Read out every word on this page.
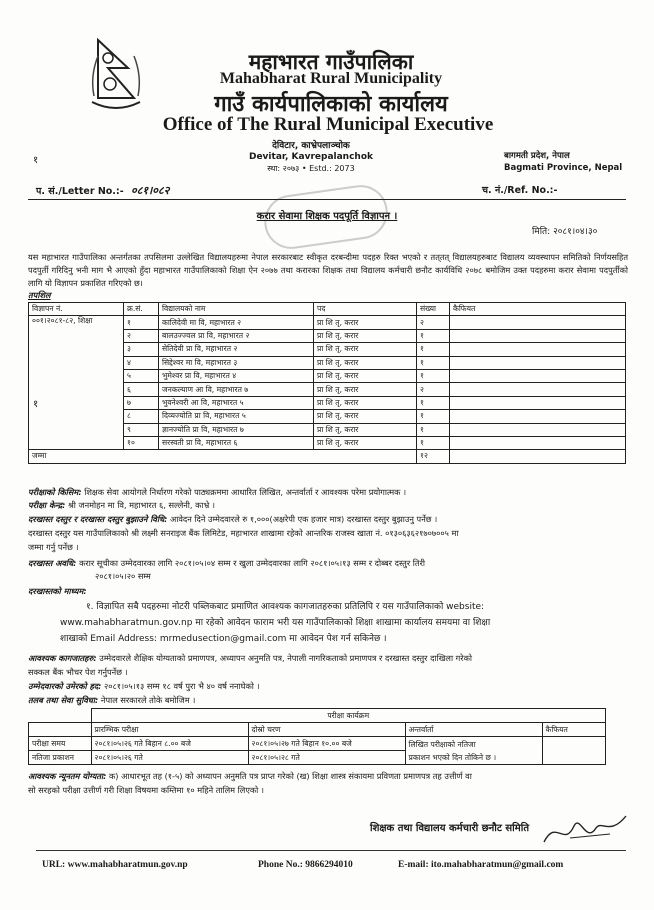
महाभारत गाउँपालिका
Mahabharat Rural Municipality
गाउँ कार्यपालिकाको कार्यालय
Office of The Rural Municipal Executive
देविटार, काभ्रेपलाञ्चोक
Devitar, Kavrepalanchok
स्था: २०७३ • Estd.: 2073
बागमती प्रदेश, नेपाल
Bagmati Province, Nepal
१
प. सं./Letter No.:- ०८१।०८२	च. नं./Ref. No.:-
करार सेवामा शिक्षक पदपूर्ति विज्ञापन ।
मिति: २०८१।०४।३०
यस महाभारत गाउँपालिका अन्तर्गतका तपसिलमा उल्लेखित विद्यालयहरुमा नेपाल सरकारबाट स्वीकृत दरबन्दीमा पदहरु रिक्त भएको र तत्‌तत् विद्यालयहरुबाट विद्यालय व्यवस्थापन समितिको निर्णयसहित पदपुर्ती गरिदिनु भनी माग भै आएको हुँदा महाभारत गाउँपालिकाको शिक्षा ऐन २०७७ तथा करारका शिक्षक तथा विद्यालय कर्मचारी छनौट कार्यविधि २०७८ बमोजिम उक्त पदहरुमा करार सेवामा पदपुर्तीको लागि यो विज्ञापन प्रकाशित गरिएको छ।
तपशिल
विज्ञापन नं.	क्र.सं.	विद्यालयको नाम	पद	संख्या	कैफियत
००१।२०८१-८२, शिक्षा	१	कालिदेवी मा वि, महाभारत २	प्रा शि तृ, करार	२	
	२	बालउज्ज्वल प्रा वि, महाभारत २	प्रा शि तृ, करार	१	
	३	सेतिदेवी प्रा वि, महाभारत २	प्रा शि तृ, करार	१	
	४	सिद्देश्वर मा वि, महाभारत ३	प्रा शि तृ, करार	१	
	५	भुमेश्वर प्रा वि, महाभारत ४	प्रा शि तृ, करार	१	
	६	जनकल्याण आ वि, महाभारत ७	प्रा शि तृ, करार	२	
	७	भुवनेश्वरी आ वि, महाभारत ५	प्रा शि तृ, करार	१	
	८	दिव्यज्योति प्रा वि, महाभारत ५	प्रा शि तृ, करार	१	
	९	ज्ञानज्योति प्रा वि, महाभारत ७	प्रा शि तृ, करार	१	
	१०	सरस्वती प्रा वि, महाभारत ६	प्रा शि तृ, करार	१	
जम्मा				१२	
१
परीक्षाको किसिम: शिक्षक सेवा आयोगले निर्धारण गरेको पाठ्यक्रममा आधारित लिखित, अन्तर्वार्ता र आवश्यक परेमा प्रयोगात्मक ।
परीक्षा केन्द्र: श्री जनमोहन मा वि, महाभारत ६, सल्लेनी, काभ्रे ।
दरखास्त दस्तुर र दरखास्त दस्तुर बुझाउने विधि: आवेदन दिने उम्मेदवारले रु १,०००(अक्षरेपी एक हजार मात्र) दरखास्त दस्तुर बुझाउनु पर्नेछ ।
दरखास्त दस्तुर यस गाउँपालिकाको श्री लक्ष्मी सनराइज बैंक लिमिटेड, महाभारत शाखामा रहेको आन्तरिक राजस्व खाता नं. ०१३०६३६२१७०७००५ मा
जम्मा गर्नु पर्नेछ ।
दरखास्त अवधि: करार सूचीका उम्मेदवारका लागि २०८१।०५।०४ सम्म र खुला उम्मेदवारका लागि २०८१।०५।१३ सम्म र दोब्बर दस्तुर तिरी
२०८१।०५।२० सम्म
दरखास्तको माध्यम:
१. विज्ञापित सबै पदहरुमा नोटरी पब्लिकबाट प्रमाणित आवश्यक कागजातहरुका प्रतिलिपि र यस गाउँपालिकाको website:
www.mahabharatmun.gov.np मा रहेको आवेदन फाराम भरी यस गाउँपालिकाको शिक्षा शाखामा कार्यालय समयमा वा शिक्षा
शाखाको Email Address: mrmedusection@gmail.com मा आवेदन पेश गर्न सकिनेछ ।
आवश्यक कागजातहरु: उम्मेदवारले शैक्षिक योग्यताको प्रमाणपत्र, अध्यापन अनुमति पत्र, नेपाली नागरिकताको प्रमाणपत्र र दरखास्त दस्तुर दाखिला गरेको
सक्कल बैंक भौचर पेश गर्नुपर्नेछ ।
उम्मेदवारको उमेरको हद: २०८१।०५।१३ सम्म १८ वर्ष पुरा भै ४० वर्ष ननाघेको ।
तलब तथा सेवा सुविधा: नेपाल सरकारले तोके बमोजिम ।
	परीक्षा कार्यक्रम			
	प्रारम्भिक परीक्षा	दोस्रो चरण	अन्तर्वार्ता	कैफियत
परीक्षा समय	२०८१।०५।२६ गते बिहान ८.०० बजे	२०८१।०५।२७ गते बिहान १०.०० बजे	लिखित परीक्षाको नतिजा
प्रकाशन भएको दिन तोकिने छ ।	

नतिजा प्रकाशन	२०८१।०५।२६ गते	२०८१।०५।२८ गते		
आवश्यक न्यूनतम योग्यता: क) आधारभूत तह (१-५) को अध्यापन अनुमति पत्र प्राप्त गरेको (ख) शिक्षा शास्त्र संकायमा प्रविणता प्रमाणपत्र तह उत्तीर्ण वा
सो सरहको परीक्षा उत्तीर्ण गरी शिक्षा विषयमा कम्तिमा १० महिने तालिम लिएको ।
शिक्षक तथा विद्यालय कर्मचारी छनौट समिति
URL: www.mahabharatmun.gov.np	Phone No.: 9866294010	E-mail: ito.mahabharatmun@gmail.com
